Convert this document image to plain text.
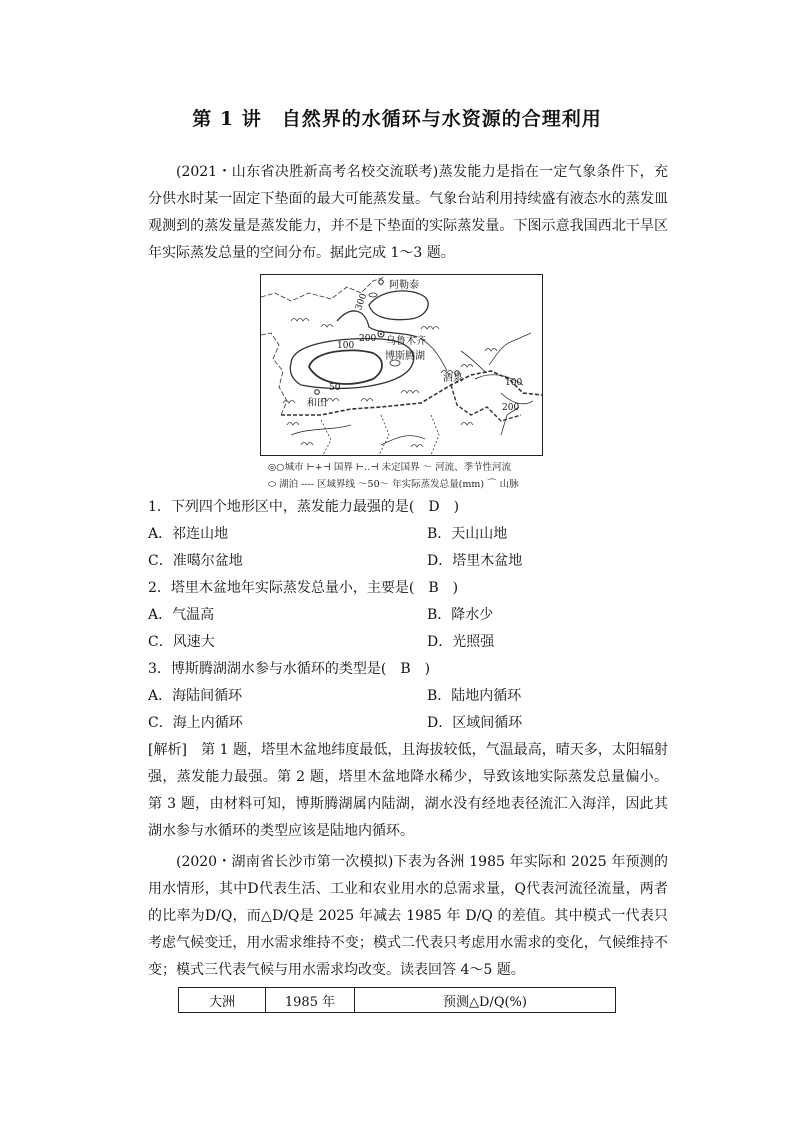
第 1 讲　自然界的水循环与水资源的合理利用
(2021・山东省决胜新高考名校交流联考)蒸发能力是指在一定气象条件下，充分供水时某一固定下垫面的最大可能蒸发量。气象台站利用持续盛有液态水的蒸发皿观测到的蒸发量是蒸发能力，并不是下垫面的实际蒸发量。下图示意我国西北干旱区年实际蒸发总量的空间分布。据此完成 1～3 题。
阿勒泰
乌鲁木齐
博斯腾湖
酒泉
和田
300
200
100
50	100
200
◎○城市 ⊢+⊣ 国界 ⊢‥⊣ 未定国界 〜 河流、季节性河流
⬭ 湖泊 ---- 区域界线 ～50～ 年实际蒸发总量(mm) ⌒ 山脉
1．下列四个地形区中，蒸发能力最强的是(　D　)
A．祁连山地	B．天山山地
C．准噶尔盆地	D．塔里木盆地
2．塔里木盆地年实际蒸发总量小，主要是(　B　)
A．气温高	B．降水少
C．风速大	D．光照强
3．博斯腾湖湖水参与水循环的类型是(　B　)
A．海陆间循环	B．陆地内循环
C．海上内循环	D．区域间循环
[解析]　第 1 题，塔里木盆地纬度最低，且海拔较低，气温最高，晴天多，太阳辐射强，蒸发能力最强。第 2 题，塔里木盆地降水稀少，导致该地实际蒸发总量偏小。第 3 题，由材料可知，博斯腾湖属内陆湖，湖水没有经地表径流汇入海洋，因此其湖水参与水循环的类型应该是陆地内循环。
(2020・湖南省长沙市第一次模拟)下表为各洲 1985 年实际和 2025 年预测的用水情形，其中D代表生活、工业和农业用水的总需求量，Q代表河流径流量，两者的比率为D/Q，而△D/Q是 2025 年减去 1985 年 D/Q 的差值。其中模式一代表只考虑气候变迁，用水需求维持不变；模式二代表只考虑用水需求的变化，气候维持不变；模式三代表气候与用水需求均改变。读表回答 4～5 题。
大洲	1985 年	预测△D/Q(%)
